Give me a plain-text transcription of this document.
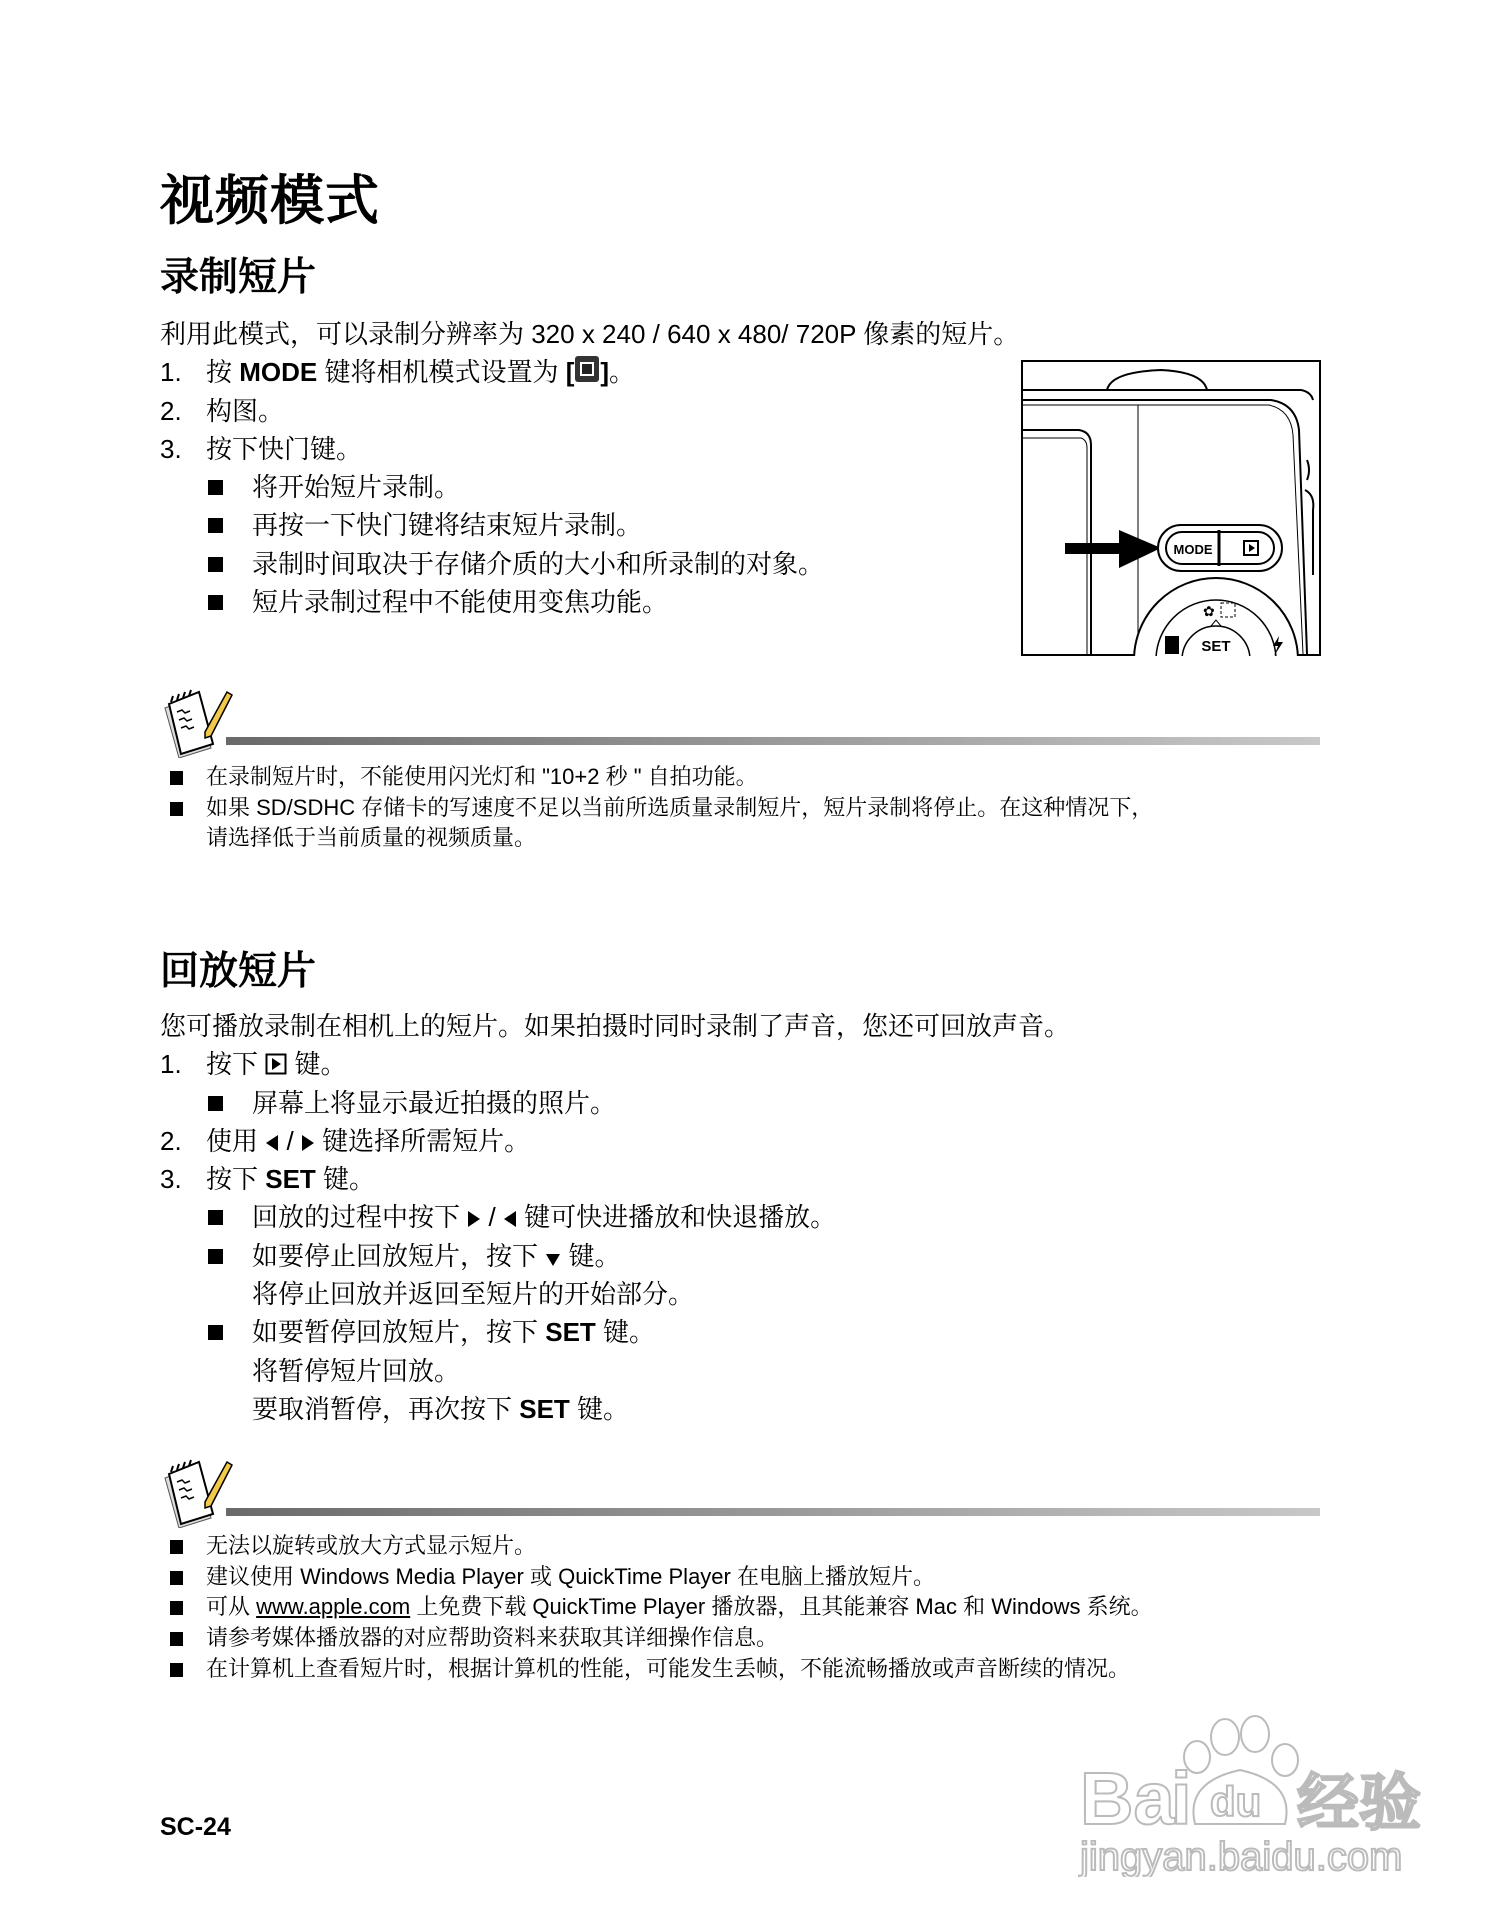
视频模式
录制短片
利用此模式，可以录制分辨率为 320 x 240 / 640 x 480/ 720P 像素的短片。
1. 按 MODE 键将相机模式设置为 [ ]。
2. 构图。
3. 按下快门键。
将开始短片录制。
再按一下快门键将结束短片录制。
录制时间取决于存储介质的大小和所录制的对象。
短片录制过程中不能使用变焦功能。
MODE
SET
✿
在录制短片时，不能使用闪光灯和 "10+2 秒 " 自拍功能。
如果 SD/SDHC 存储卡的写速度不足以当前所选质量录制短片，短片录制将停止。在这种情况下，
请选择低于当前质量的视频质量。
回放短片
您可播放录制在相机上的短片。如果拍摄时同时录制了声音，您还可回放声音。
1. 按下  键。
屏幕上将显示最近拍摄的照片。
2. 使用  /  键选择所需短片。
3. 按下 SET 键。
回放的过程中按下  /  键可快进播放和快退播放。
如要停止回放短片，按下  键。
将停止回放并返回至短片的开始部分。
如要暂停回放短片，按下 SET 键。
将暂停短片回放。
要取消暂停，再次按下 SET 键。
无法以旋转或放大方式显示短片。
建议使用 Windows Media Player 或 QuickTime Player 在电脑上播放短片。
可从 www.apple.com 上免费下载 QuickTime Player 播放器，且其能兼容 Mac 和 Windows 系统。
请参考媒体播放器的对应帮助资料来获取其详细操作信息。
在计算机上查看短片时，根据计算机的性能，可能发生丢帧，不能流畅播放或声音断续的情况。
SC-24	Ba
i du 经验
jingyan.baidu.com
